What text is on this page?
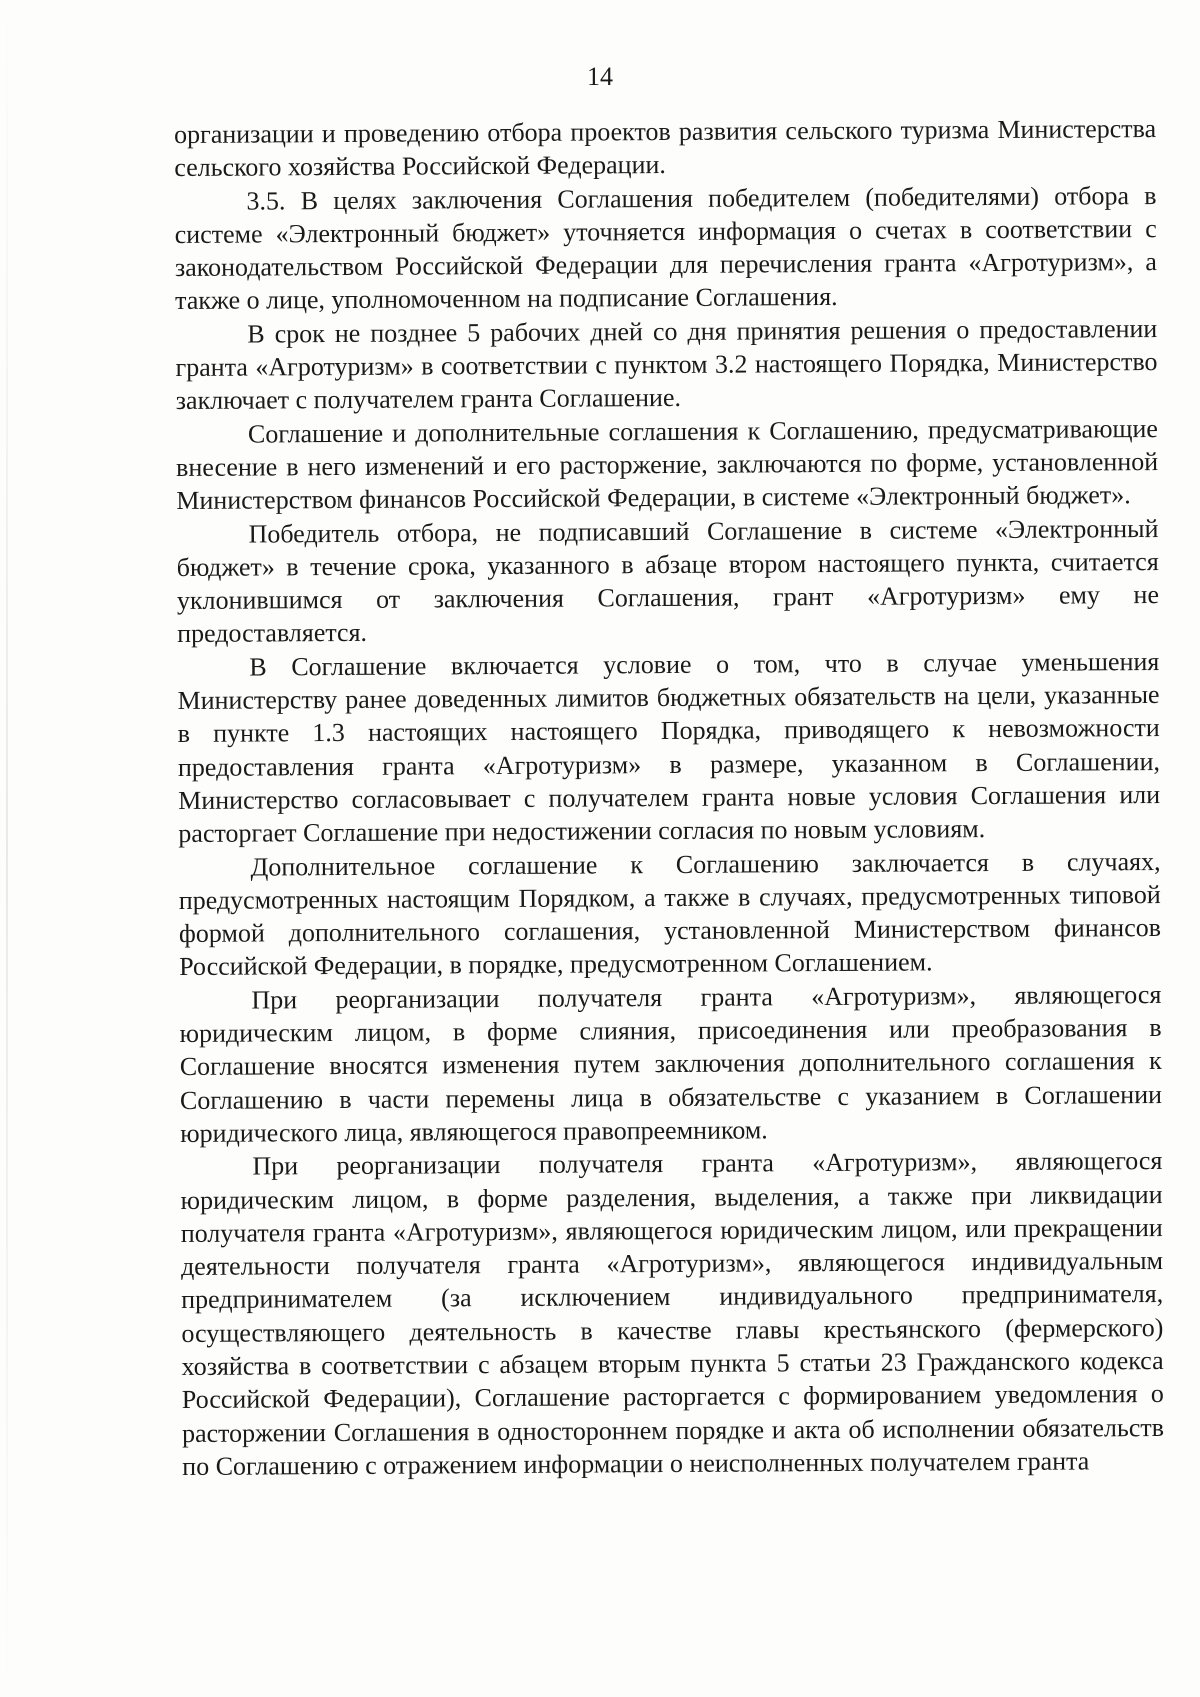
14

организации и проведению отбора проектов развития сельского туризма Министерства сельского хозяйства Российской Федерации.

3.5. В целях заключения Соглашения победителем (победителями) отбора в системе «Электронный бюджет» уточняется информация о счетах в соответствии с законодательством Российской Федерации для перечисления гранта «Агротуризм», а также о лице, уполномоченном на подписание Соглашения.

В срок не позднее 5 рабочих дней со дня принятия решения о предоставлении гранта «Агротуризм» в соответствии с пунктом 3.2 настоящего Порядка, Министерство заключает с получателем гранта Соглашение.

Соглашение и дополнительные соглашения к Соглашению, предусматривающие внесение в него изменений и его расторжение, заключаются по форме, установленной Министерством финансов Российской Федерации, в системе «Электронный бюджет».

Победитель отбора, не подписавший Соглашение в системе «Электронный бюджет» в течение срока, указанного в абзаце втором настоящего пункта, считается уклонившимся от заключения Соглашения, грант «Агротуризм» ему не предоставляется.

В Соглашение включается условие о том, что в случае уменьшения Министерству ранее доведенных лимитов бюджетных обязательств на цели, указанные в пункте 1.3 настоящих настоящего Порядка, приводящего к невозможности предоставления гранта «Агротуризм» в размере, указанном в Соглашении, Министерство согласовывает с получателем гранта новые условия Соглашения или расторгает Соглашение при недостижении согласия по новым условиям.

Дополнительное соглашение к Соглашению заключается в случаях, предусмотренных настоящим Порядком, а также в случаях, предусмотренных типовой формой дополнительного соглашения, установленной Министерством финансов Российской Федерации, в порядке, предусмотренном Соглашением.

При реорганизации получателя гранта «Агротуризм», являющегося юридическим лицом, в форме слияния, присоединения или преобразования в Соглашение вносятся изменения путем заключения дополнительного соглашения к Соглашению в части перемены лица в обязательстве с указанием в Соглашении юридического лица, являющегося правопреемником.

При реорганизации получателя гранта «Агротуризм», являющегося юридическим лицом, в форме разделения, выделения, а также при ликвидации получателя гранта «Агротуризм», являющегося юридическим лицом, или прекращении деятельности получателя гранта «Агротуризм», являющегося индивидуальным предпринимателем (за исключением индивидуального предпринимателя, осуществляющего деятельность в качестве главы крестьянского (фермерского) хозяйства в соответствии с абзацем вторым пункта 5 статьи 23 Гражданского кодекса Российской Федерации), Соглашение расторгается с формированием уведомления о расторжении Соглашения в одностороннем порядке и акта об исполнении обязательств по Соглашению с отражением информации о неисполненных получателем гранта
